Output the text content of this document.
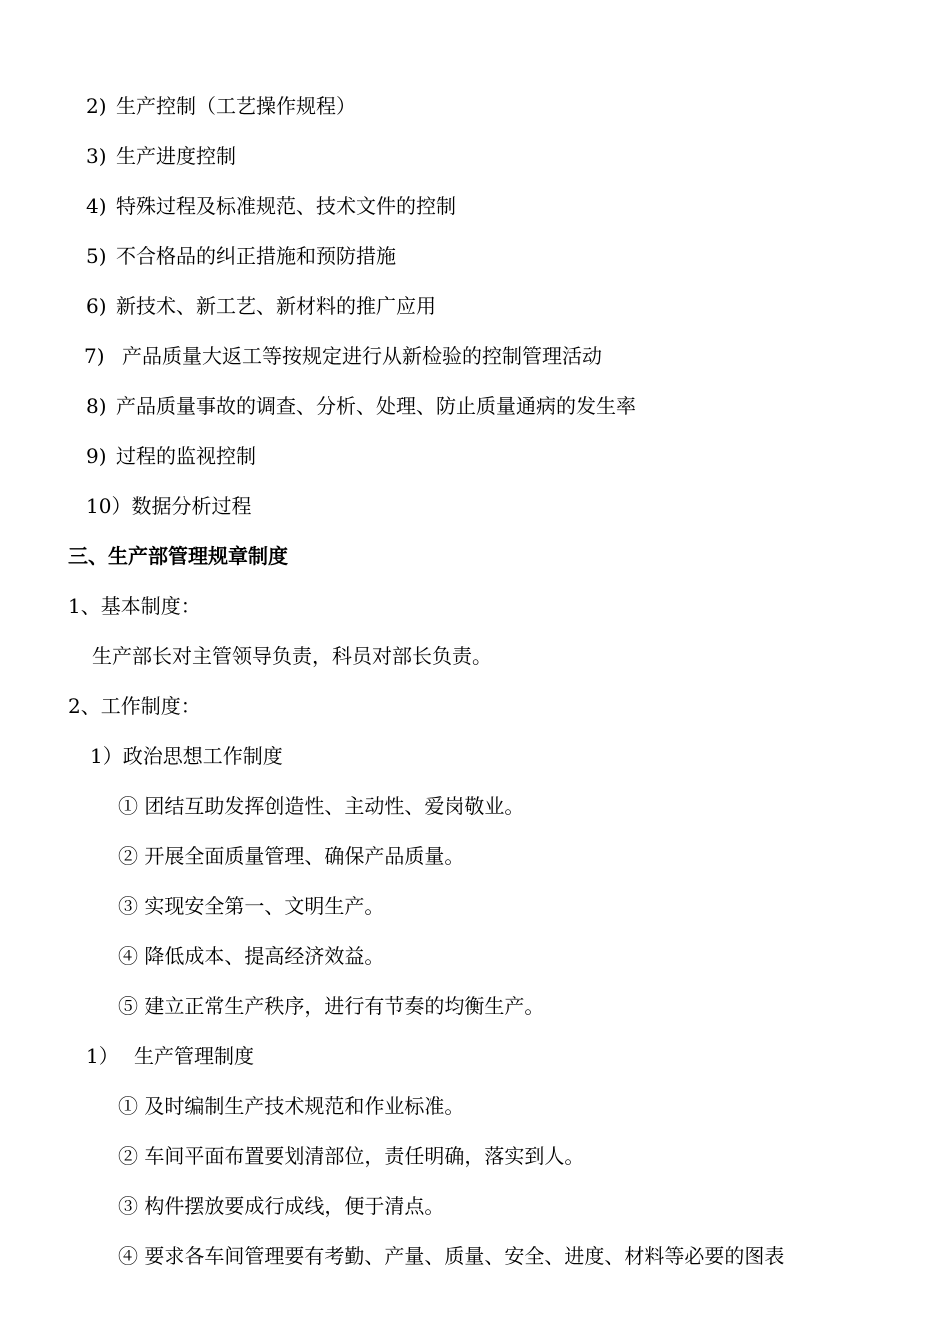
2) 生产控制（工艺操作规程）
3) 生产进度控制
4) 特殊过程及标准规范、技术文件的控制
5) 不合格品的纠正措施和预防措施
6) 新技术、新工艺、新材料的推广应用
7) 产品质量大返工等按规定进行从新检验的控制管理活动
8) 产品质量事故的调查、分析、处理、防止质量通病的发生率
9) 过程的监视控制
10）数据分析过程
三、生产部管理规章制度
1、基本制度：
生产部长对主管领导负责，科员对部长负责。
2、工作制度：
1）政治思想工作制度
① 团结互助发挥创造性、主动性、爱岗敬业。
② 开展全面质量管理、确保产品质量。
③ 实现安全第一、文明生产。
④ 降低成本、提高经济效益。
⑤ 建立正常生产秩序，进行有节奏的均衡生产。
1） 生产管理制度
① 及时编制生产技术规范和作业标准。
② 车间平面布置要划清部位，责任明确，落实到人。
③ 构件摆放要成行成线，便于清点。
④ 要求各车间管理要有考勤、产量、质量、安全、进度、材料等必要的图表
